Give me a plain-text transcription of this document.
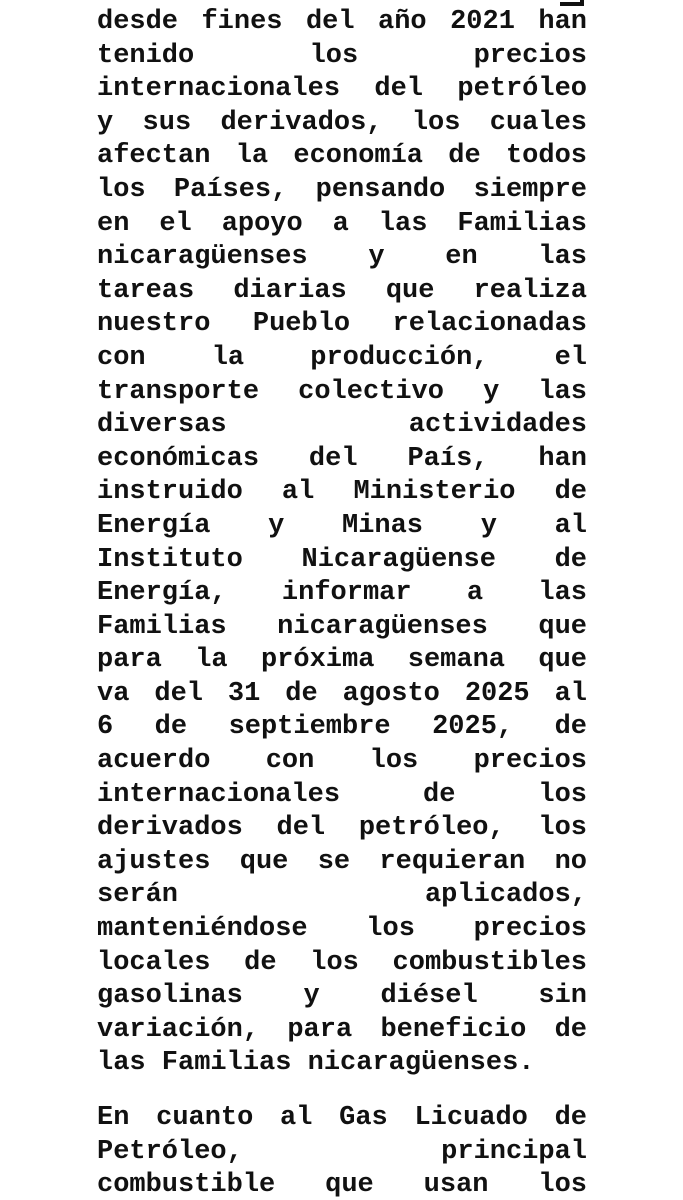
desde fines del año 2021 han
tenido los precios
internacionales del petróleo
y sus derivados, los cuales
afectan la economía de todos
los Países, pensando siempre
en el apoyo a las Familias
nicaragüenses y en las
tareas diarias que realiza
nuestro Pueblo relacionadas
con la producción, el
transporte colectivo y las
diversas actividades
económicas del País, han
instruido al Ministerio de
Energía y Minas y al
Instituto Nicaragüense de
Energía, informar a las
Familias nicaragüenses que
para la próxima semana que
va del 31 de agosto 2025 al
6 de septiembre 2025, de
acuerdo con los precios
internacionales de los
derivados del petróleo, los
ajustes que se requieran no
serán aplicados,
manteniéndose los precios
locales de los combustibles
gasolinas y diésel sin
variación, para beneficio de
las Familias nicaragüenses.
En cuanto al Gas Licuado de
Petróleo, principal
combustible que usan los
